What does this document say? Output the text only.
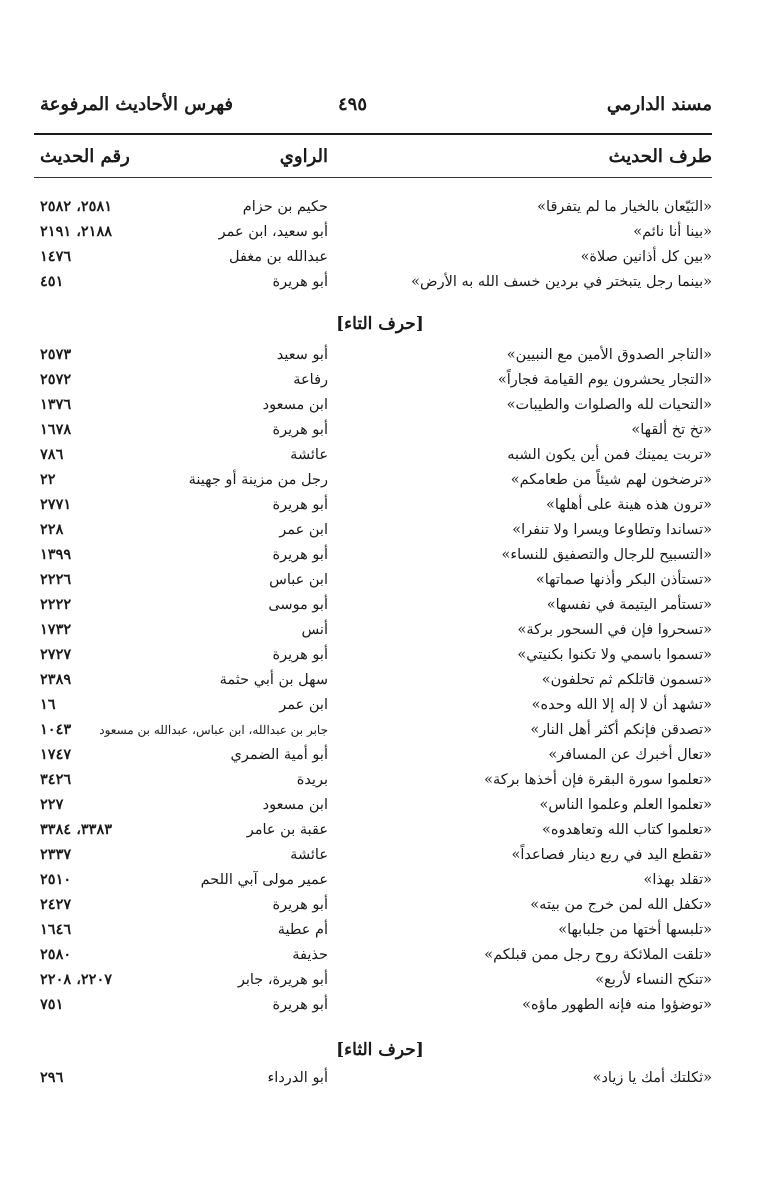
مسند الدارمي
٤٩٥
فهرس الأحاديث المرفوعة
طرف الحديث
الراوي
رقم الحديث
«البَيّعان بالخيار ما لم يتفرقا»
حكيم بن حزام
٢٥٨١، ٢٥٨٢
«بينا أنا نائم»
أبو سعيد، ابن عمر
٢١٨٨، ٢١٩١
«بين كل أذانين صلاة»
عبدالله بن مغفل
١٤٧٦
«بينما رجل يتبختر في بردين خسف الله به الأرض»
أبو هريرة
٤٥١
[حرف التاء]
«التاجر الصدوق الأمين مع النبيين»
أبو سعيد
٢٥٧٣
«التجار يحشرون يوم القيامة فجاراً»
رفاعة
٢٥٧٢
«التحيات لله والصلوات والطيبات»
ابن مسعود
١٣٧٦
«تخ تخ ألقها»
أبو هريرة
١٦٧٨
«تربت يمينك فمن أين يكون الشبه
عائشة
٧٨٦
«ترضخون لهم شيئاً من طعامكم»
رجل من مزينة أو جهينة
٢٢
«ترون هذه هينة على أهلها»
أبو هريرة
٢٧٧١
«تساندا وتطاوعا ويسرا ولا تنفرا»
ابن عمر
٢٢٨
«التسبيح للرجال والتصفيق للنساء»
أبو هريرة
١٣٩٩
«تستأذن البكر وأذنها صماتها»
ابن عباس
٢٢٢٦
«تستأمر اليتيمة في نفسها»
أبو موسى
٢٢٢٢
«تسحروا فإن في السحور بركة»
أنس
١٧٣٢
«تسموا باسمي ولا تكنوا بكنيتي»
أبو هريرة
٢٧٢٧
«تسمون قاتلكم ثم تحلفون»
سهل بن أبي حثمة
٢٣٨٩
«تشهد أن لا إله إلا الله وحده»
ابن عمر
١٦
«تصدقن فإنكم أكثر أهل النار»
جابر بن عبدالله، ابن عباس، عبدالله بن مسعود
١٠٤٣
«تعال أخبرك عن المسافر»
أبو أمية الضمري
١٧٤٧
«تعلموا سورة البقرة فإن أخذها بركة»
بريدة
٣٤٢٦
«تعلموا العلم وعلموا الناس»
ابن مسعود
٢٢٧
«تعلموا كتاب الله وتعاهدوه»
عقبة بن عامر
٣٣٨٣، ٣٣٨٤
«تقطع اليد في ربع دينار فصاعداً»
عائشة
٢٣٣٧
«تقلد بهذا»
عمير مولى آبي اللحم
٢٥١٠
«تكفل الله لمن خرج من بيته»
أبو هريرة
٢٤٢٧
«تلبسها أختها من جلبابها»
أم عطية
١٦٤٦
«تلقت الملائكة روح رجل ممن قبلكم»
حذيفة
٢٥٨٠
«تنكح النساء لأربع»
أبو هريرة، جابر
٢٢٠٧، ٢٢٠٨
«توضؤوا منه فإنه الطهور ماؤه»
أبو هريرة
٧٥١
[حرف الثاء]
«ثكلتك أمك يا زياد»
أبو الدرداء
٢٩٦
